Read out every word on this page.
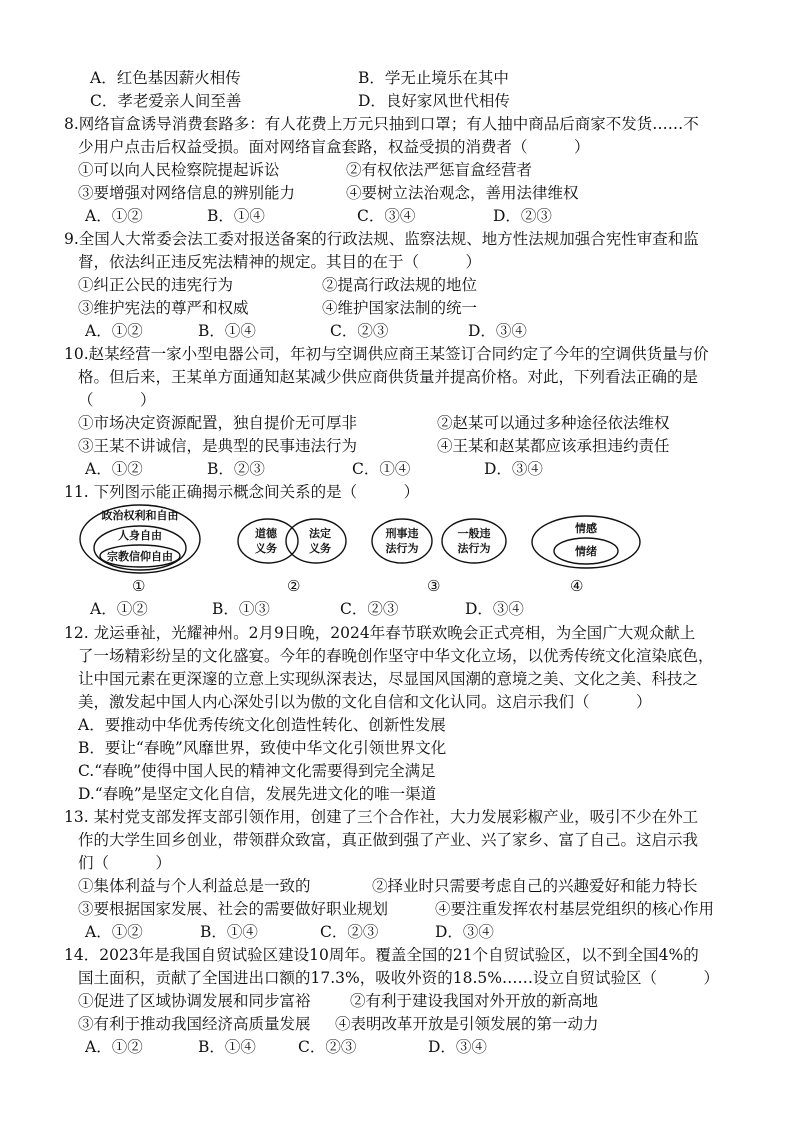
A．红色基因薪火相传	B．学无止境乐在其中
C．孝老爱亲人间至善	D．良好家风世代相传
8.网络盲盒诱导消费套路多：有人花费上万元只抽到口罩；有人抽中商品后商家不发货……不
少用户点击后权益受损。面对网络盲盒套路，权益受损的消费者（　　　）
①可以向人民检察院提起诉讼	②有权依法严惩盲盒经营者
③要增强对网络信息的辨别能力	④要树立法治观念，善用法律维权
A．①②	B．①④	C．③④	D．②③
9.全国人大常委会法工委对报送备案的行政法规、监察法规、地方性法规加强合宪性审查和监
督，依法纠正违反宪法精神的规定。其目的在于（　　　）
①纠正公民的违宪行为	②提高行政法规的地位
③维护宪法的尊严和权威	④维护国家法制的统一
A．①②	B．①④	C．②③	D．③④
10.赵某经营一家小型电器公司，年初与空调供应商王某签订合同约定了今年的空调供货量与价
格。但后来，王某单方面通知赵某减少供应商供货量并提高价格。对此，下列看法正确的是
（　　　）
①市场决定资源配置，独自提价无可厚非	②赵某可以通过多种途径依法维权
③王某不讲诚信，是典型的民事违法行为	④王某和赵某都应该承担违约责任
A．①②	B．②③	C．①④	D．③④
11. 下列图示能正确揭示概念间关系的是（　　　）
政治权利和自由
人身自由
宗教信仰自由
①
道德
义务
法定
义务
②
刑事违
法行为
一般违
法行为
③
情感
情绪
④
A．①②	B．①③	C．②③	D．③④
12. 龙运垂祉，光耀神州。2月9日晚，2024年春节联欢晚会正式亮相，为全国广大观众献上
了一场精彩纷呈的文化盛宴。今年的春晚创作坚守中华文化立场，以优秀传统文化渲染底色，
让中国元素在更深邃的立意上实现纵深表达，尽显国风国潮的意境之美、文化之美、科技之
美，激发起中国人内心深处引以为傲的文化自信和文化认同。这启示我们（　　　）
A．要推动中华优秀传统文化创造性转化、创新性发展
B．要让“春晚”风靡世界，致使中华文化引领世界文化
C.“春晚”使得中国人民的精神文化需要得到完全满足
D.“春晚”是坚定文化自信，发展先进文化的唯一渠道
13. 某村党支部发挥支部引领作用，创建了三个合作社，大力发展彩椒产业，吸引不少在外工
作的大学生回乡创业，带领群众致富，真正做到强了产业、兴了家乡、富了自己。这启示我
们（　　　）
①集体利益与个人利益总是一致的	②择业时只需要考虑自己的兴趣爱好和能力特长
③要根据国家发展、社会的需要做好职业规划	④要注重发挥农村基层党组织的核心作用
A．①②	B．①④	C．②③	D．③④
14．2023年是我国自贸试验区建设10周年。覆盖全国的21个自贸试验区，以不到全国4%的
国土面积，贡献了全国进出口额的17.3%，吸收外资的18.5%……设立自贸试验区（　　　）
①促进了区域协调发展和同步富裕	②有利于建设我国对外开放的新高地
③有利于推动我国经济高质量发展 ④表明改革开放是引领发展的第一动力
A．①②	B．①④	C．②③	D．③④
